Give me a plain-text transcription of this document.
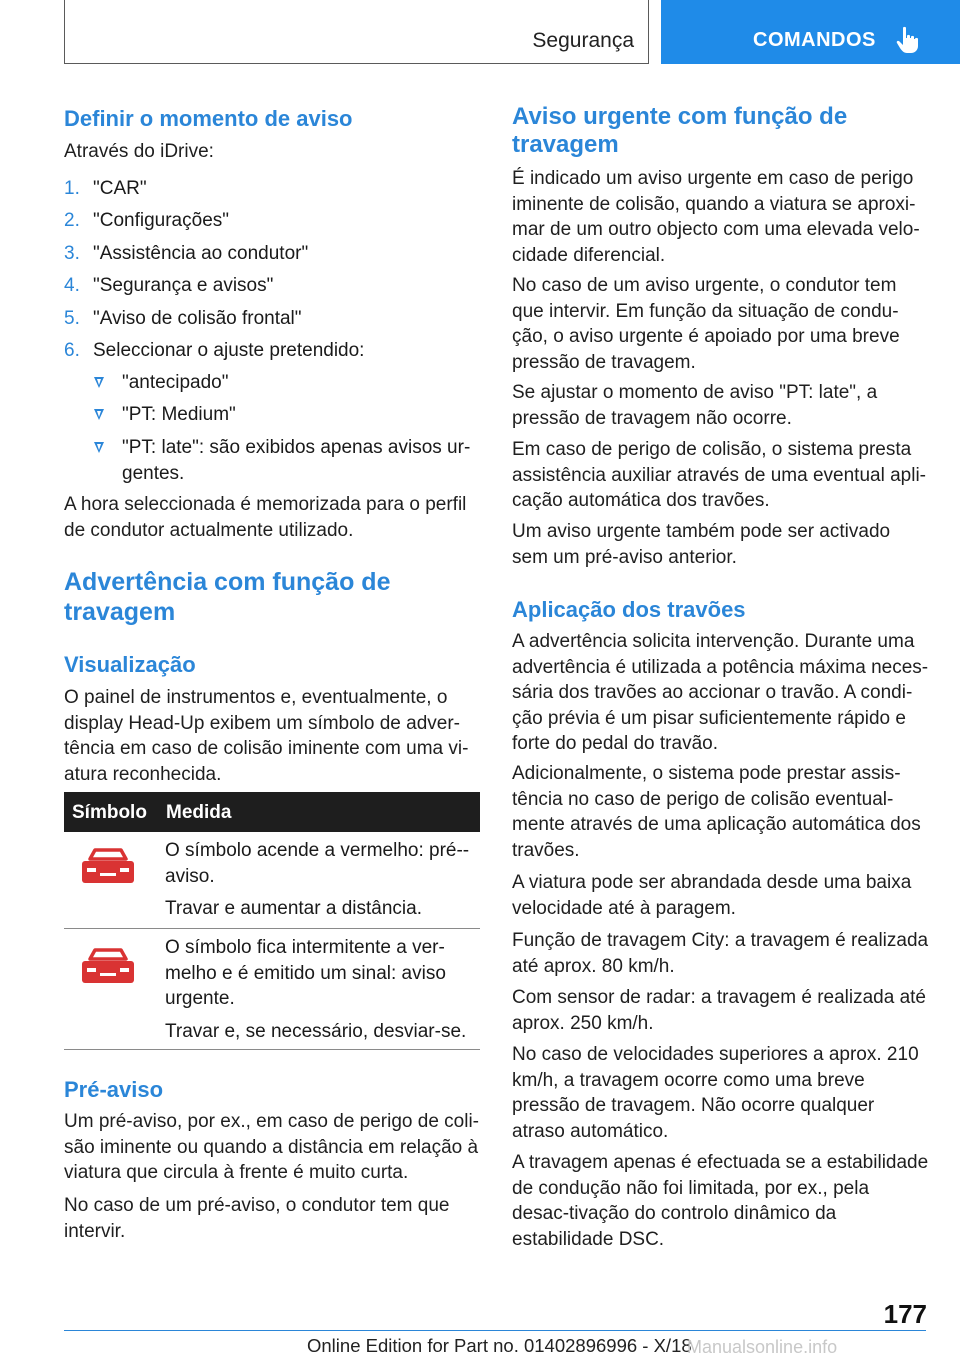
Segurança	COMANDOS
Definir o momento de aviso

Através do iDrive:

1. "CAR"
2. "Configurações"
3. "Assistência ao condutor"
4. "Segurança e avisos"
5. "Aviso de colisão frontal"
6. Seleccionar o ajuste pretendido:
"antecipado"
"PT: Medium"
"PT: late": são exibidos apenas avisos ur-gentes.

A hora seleccionada é memorizada para o perfil de condutor actualmente utilizado.

Advertência com função de travagem
Visualização

O painel de instrumentos e, eventualmente, o display Head-Up exibem um símbolo de adver-tência em caso de colisão iminente com uma vi-atura reconhecida.

Símbolo Medida
O símbolo acende a vermelho: pré--aviso.
Travar e aumentar a distância.
O símbolo fica intermitente a ver-melho e é emitido um sinal: aviso urgente.
Travar e, se necessário, desviar-se.
Pré-aviso

Um pré-aviso, por ex., em caso de perigo de coli-são iminente ou quando a distância em relação à viatura que circula à frente é muito curta.

No caso de um pré-aviso, o condutor tem que intervir.

Aviso urgente com função de travagem

É indicado um aviso urgente em caso de perigo iminente de colisão, quando a viatura se aproxi-mar de um outro objecto com uma elevada velo-cidade diferencial.

No caso de um aviso urgente, o condutor tem que intervir. Em função da situação de condu-ção, o aviso urgente é apoiado por uma breve pressão de travagem.

Se ajustar o momento de aviso "PT: late", a pressão de travagem não ocorre.

Em caso de perigo de colisão, o sistema presta assistência auxiliar através de uma eventual apli-cação automática dos travões.

Um aviso urgente também pode ser activado sem um pré-aviso anterior.

Aplicação dos travões

A advertência solicita intervenção. Durante uma advertência é utilizada a potência máxima neces-sária dos travões ao accionar o travão. A condi-ção prévia é um pisar suficientemente rápido e forte do pedal do travão.

Adicionalmente, o sistema pode prestar assis-tência no caso de perigo de colisão eventual-mente através de uma aplicação automática dos travões.

A viatura pode ser abrandada desde uma baixa velocidade até à paragem.

Função de travagem City: a travagem é realizada até aprox. 80 km/h.

Com sensor de radar: a travagem é realizada até aprox. 250 km/h.

No caso de velocidades superiores a aprox. 210 km/h, a travagem ocorre como uma breve pressão de travagem. Não ocorre qualquer atraso automático.

A travagem apenas é efectuada se a estabilidade de condução não foi limitada, por ex., pela desac-tivação do controlo dinâmico da estabilidade DSC.

177
Online Edition for Part no. 01402896996 - X/18
Manualsonline.info
